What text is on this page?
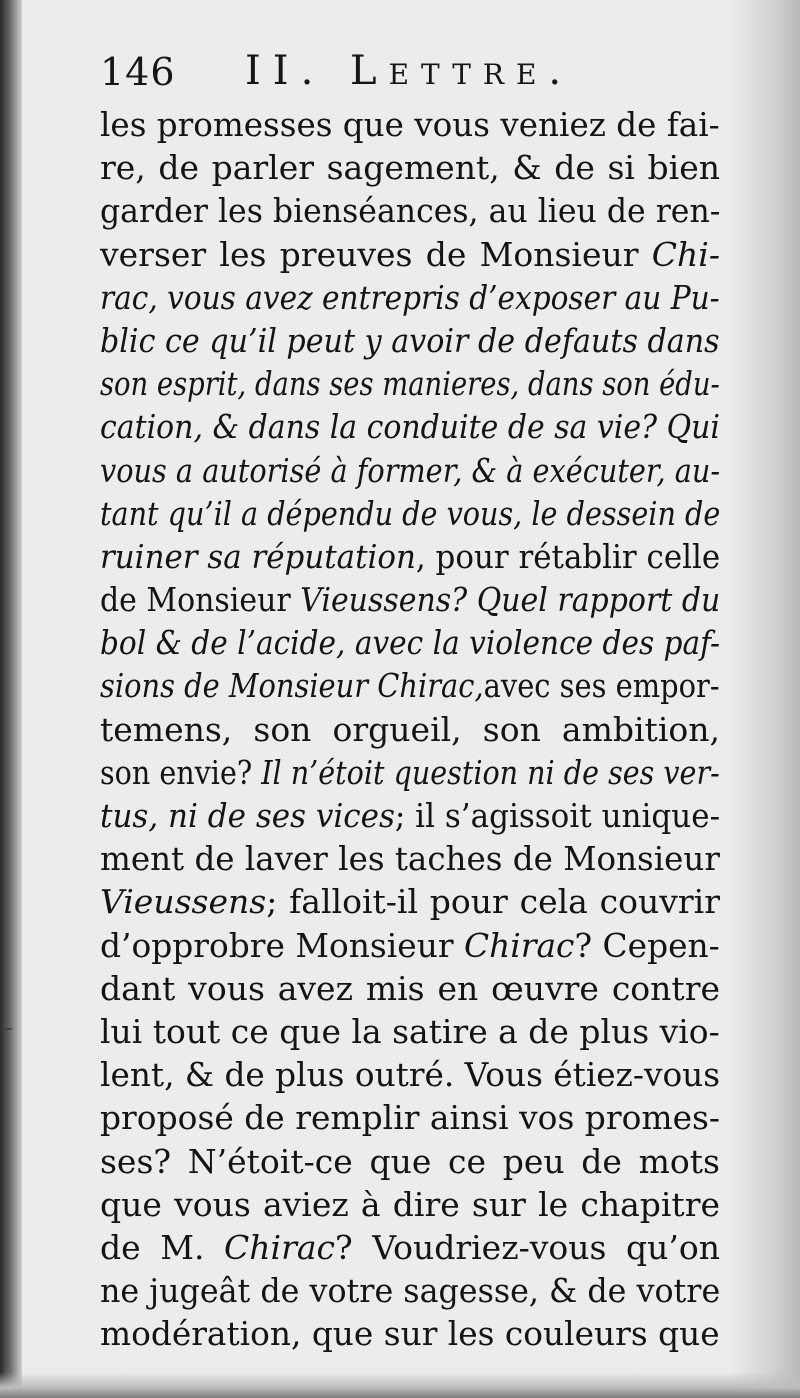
146 II. Lettre.
les promesses que vous veniez de fai-
re, de parler sagement, & de si bien
garder les bienséances, au lieu de ren-
verser les preuves de Monsieur Chi-
rac, vous avez entrepris d’exposer au Pu-
blic ce qu’il peut y avoir de defauts dans
son esprit, dans ses manieres, dans son édu-
cation, & dans la conduite de sa vie? Qui
vous a autorisé à former, & à exécuter, au-
tant qu’il a dépendu de vous, le dessein de
ruiner sa réputation, pour rétablir celle
de Monsieur Vieussens? Quel rapport du
bol & de l’acide, avec la violence des paf-
sions de Monsieur Chirac,avec ses empor-
temens, son orgueil, son ambition,
son envie? Il n’étoit question ni de ses ver-
tus, ni de ses vices; il s’agissoit unique-
ment de laver les taches de Monsieur
Vieussens; falloit-il pour cela couvrir
d’opprobre Monsieur Chirac? Cepen-
dant vous avez mis en œuvre contre
lui tout ce que la satire a de plus vio-
lent, & de plus outré. Vous étiez-vous
proposé de remplir ainsi vos promes-
ses? N’étoit-ce que ce peu de mots
que vous aviez à dire sur le chapitre
de M. Chirac? Voudriez-vous qu’on
ne jugeât de votre sagesse, & de votre
modération, que sur les couleurs que
–
